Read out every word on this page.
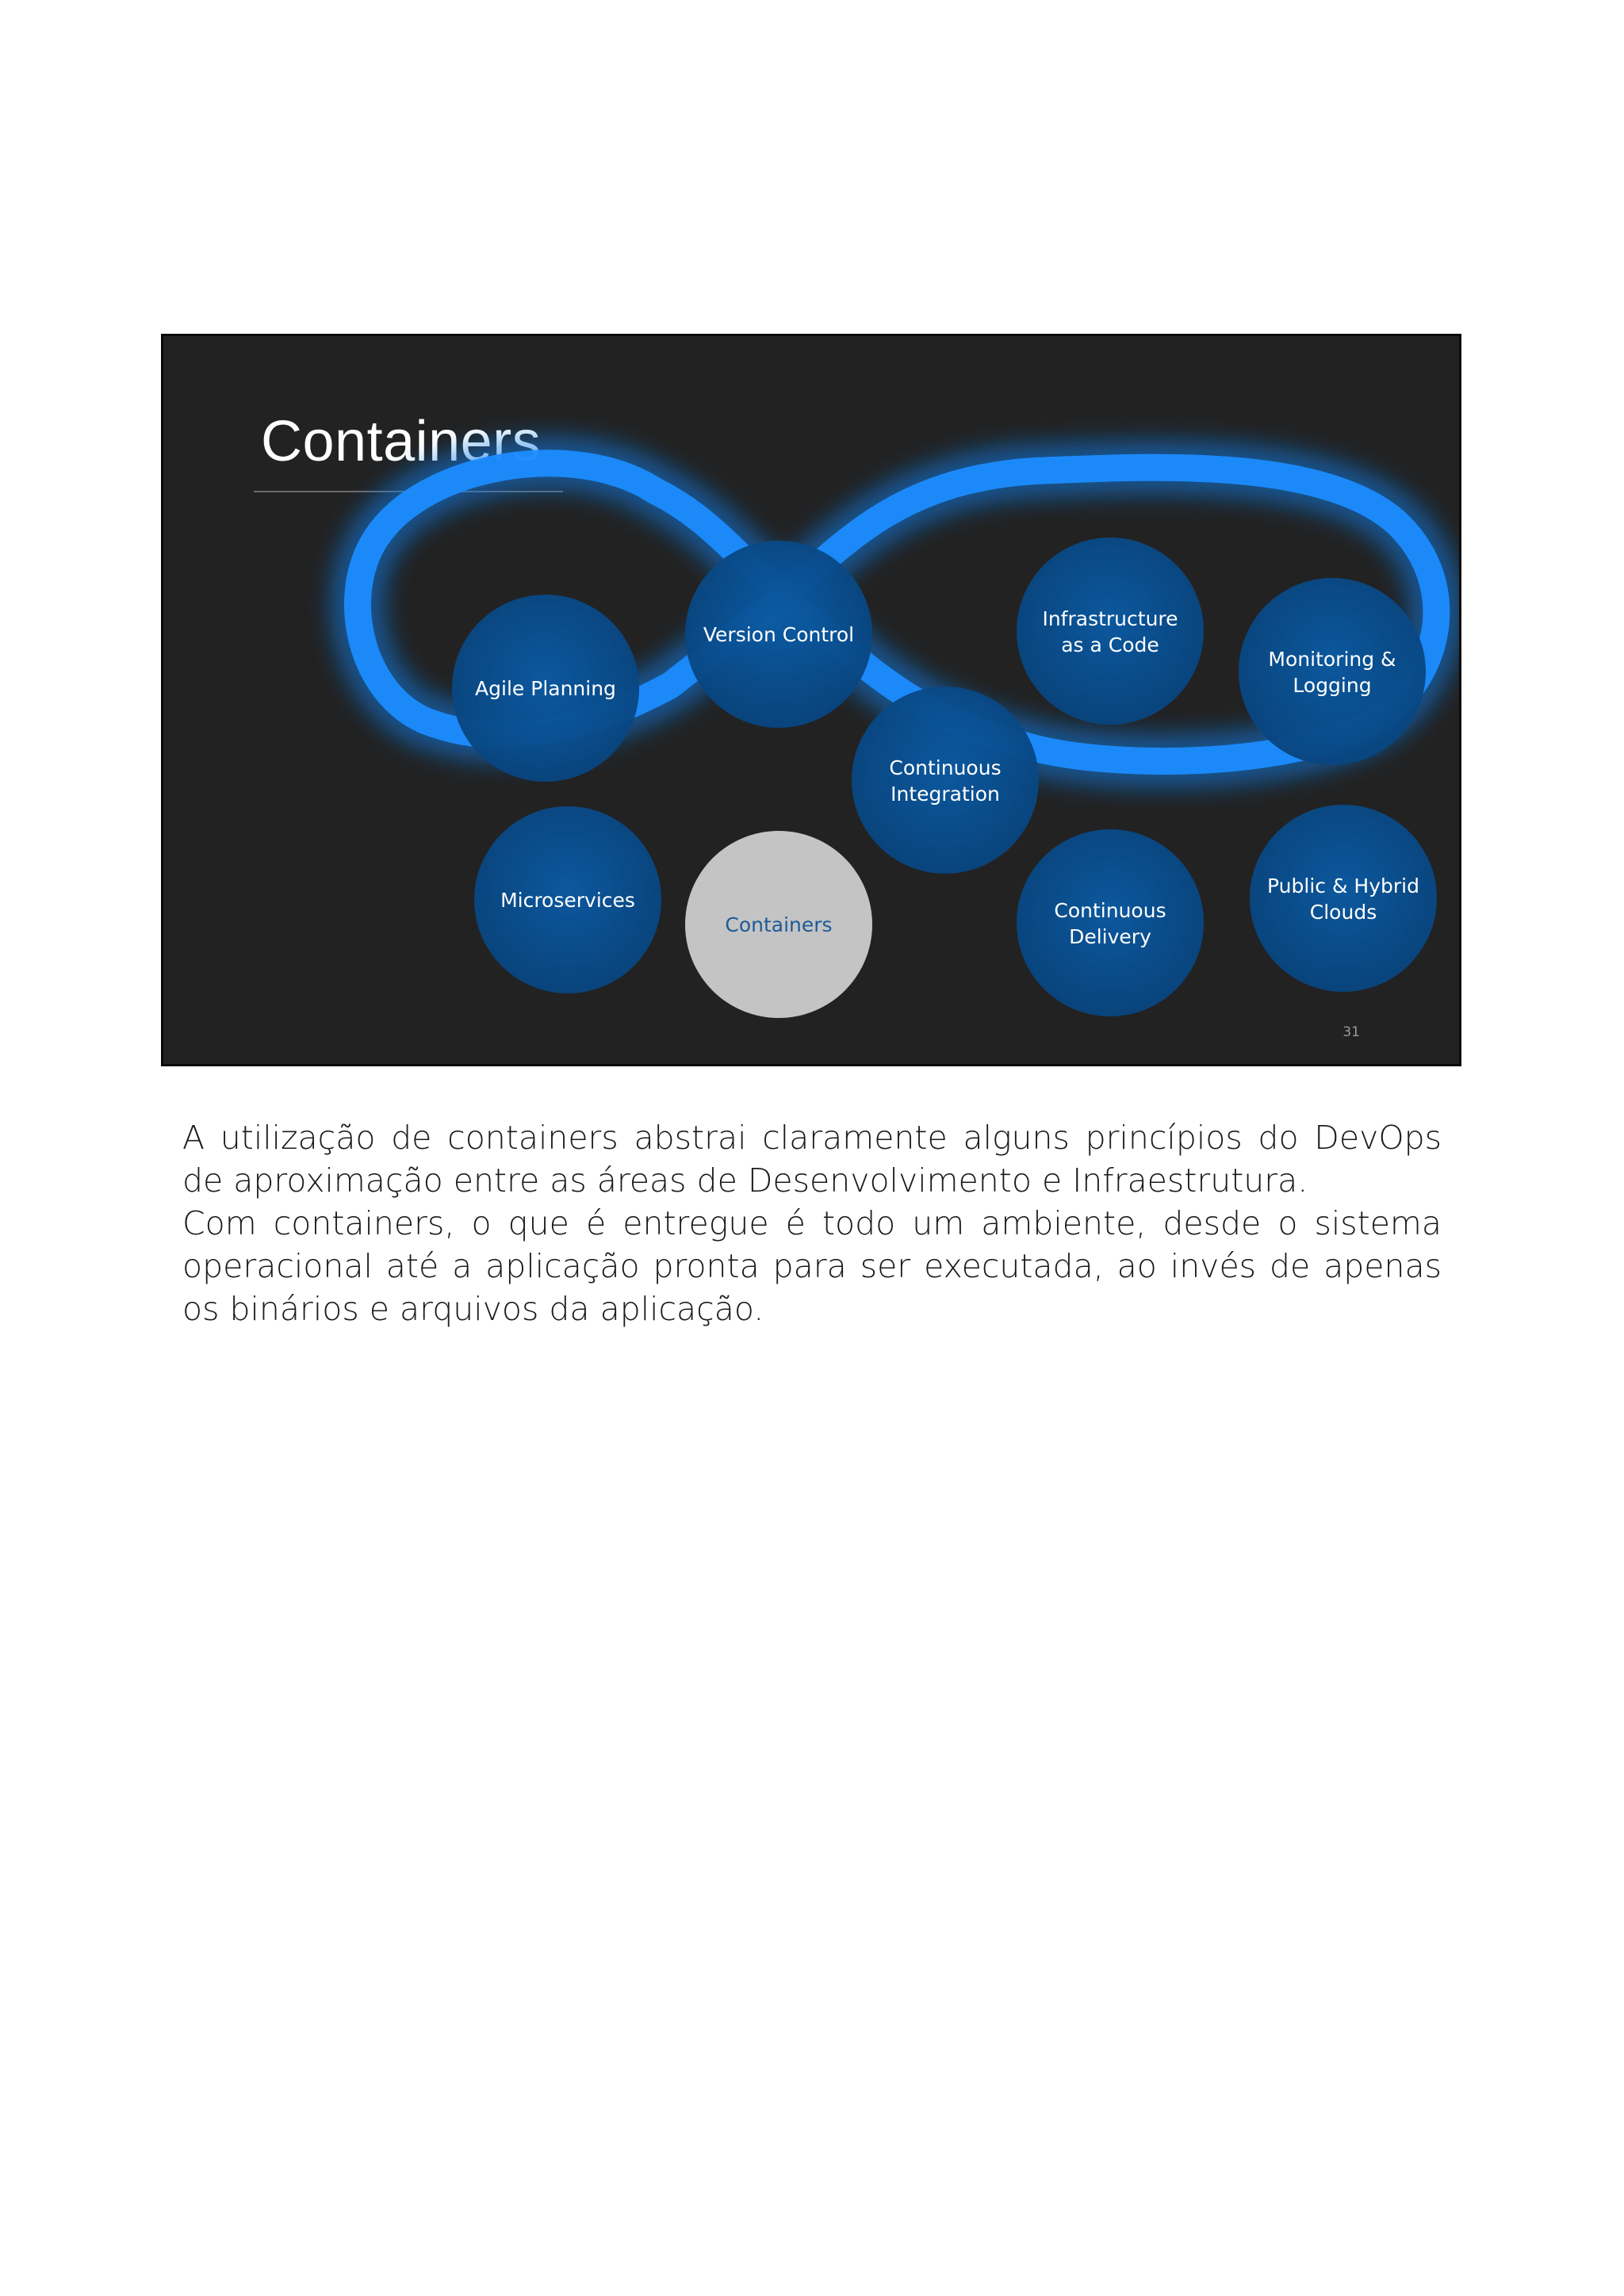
Containers
Agile Planning
Version Control
Infrastructure
as a Code
Monitoring &
Logging
Continuous
Integration
Microservices
Containers
Continuous
Delivery
Public & Hybrid
Clouds
31

A utilização de containers abstrai claramente alguns princípios do DevOps de aproximação entre as áreas de Desenvolvimento e Infraestrutura.

Com containers, o que é entregue é todo um ambiente, desde o sistema operacional até a aplicação pronta para ser executada, ao invés de apenas os binários e arquivos da aplicação.
